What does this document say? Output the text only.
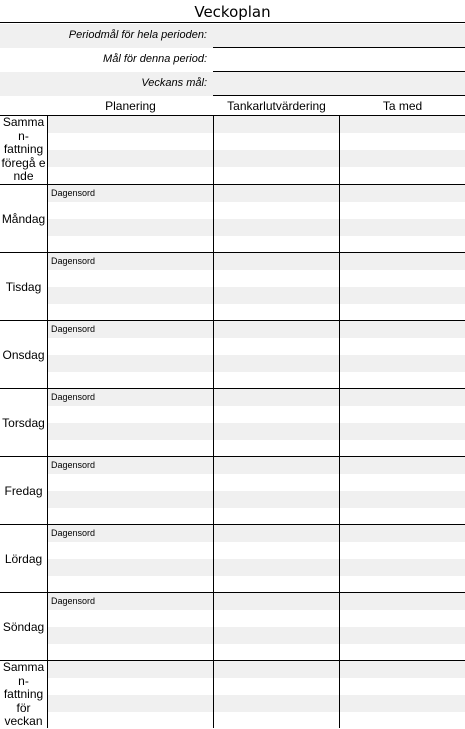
Veckoplan
Periodmål för hela perioden:
Mål för denna period:
Veckans mål:
Planering	Tankarlutvärdering	Ta med
Samma
n-
fattning
föregå e
nde
Måndag
Dagensord
Tisdag
Dagensord
Onsdag
Dagensord
Torsdag
Dagensord
Fredag
Dagensord
Lördag
Dagensord
Söndag
Dagensord
Samma
n-
fattning
för
veckan
